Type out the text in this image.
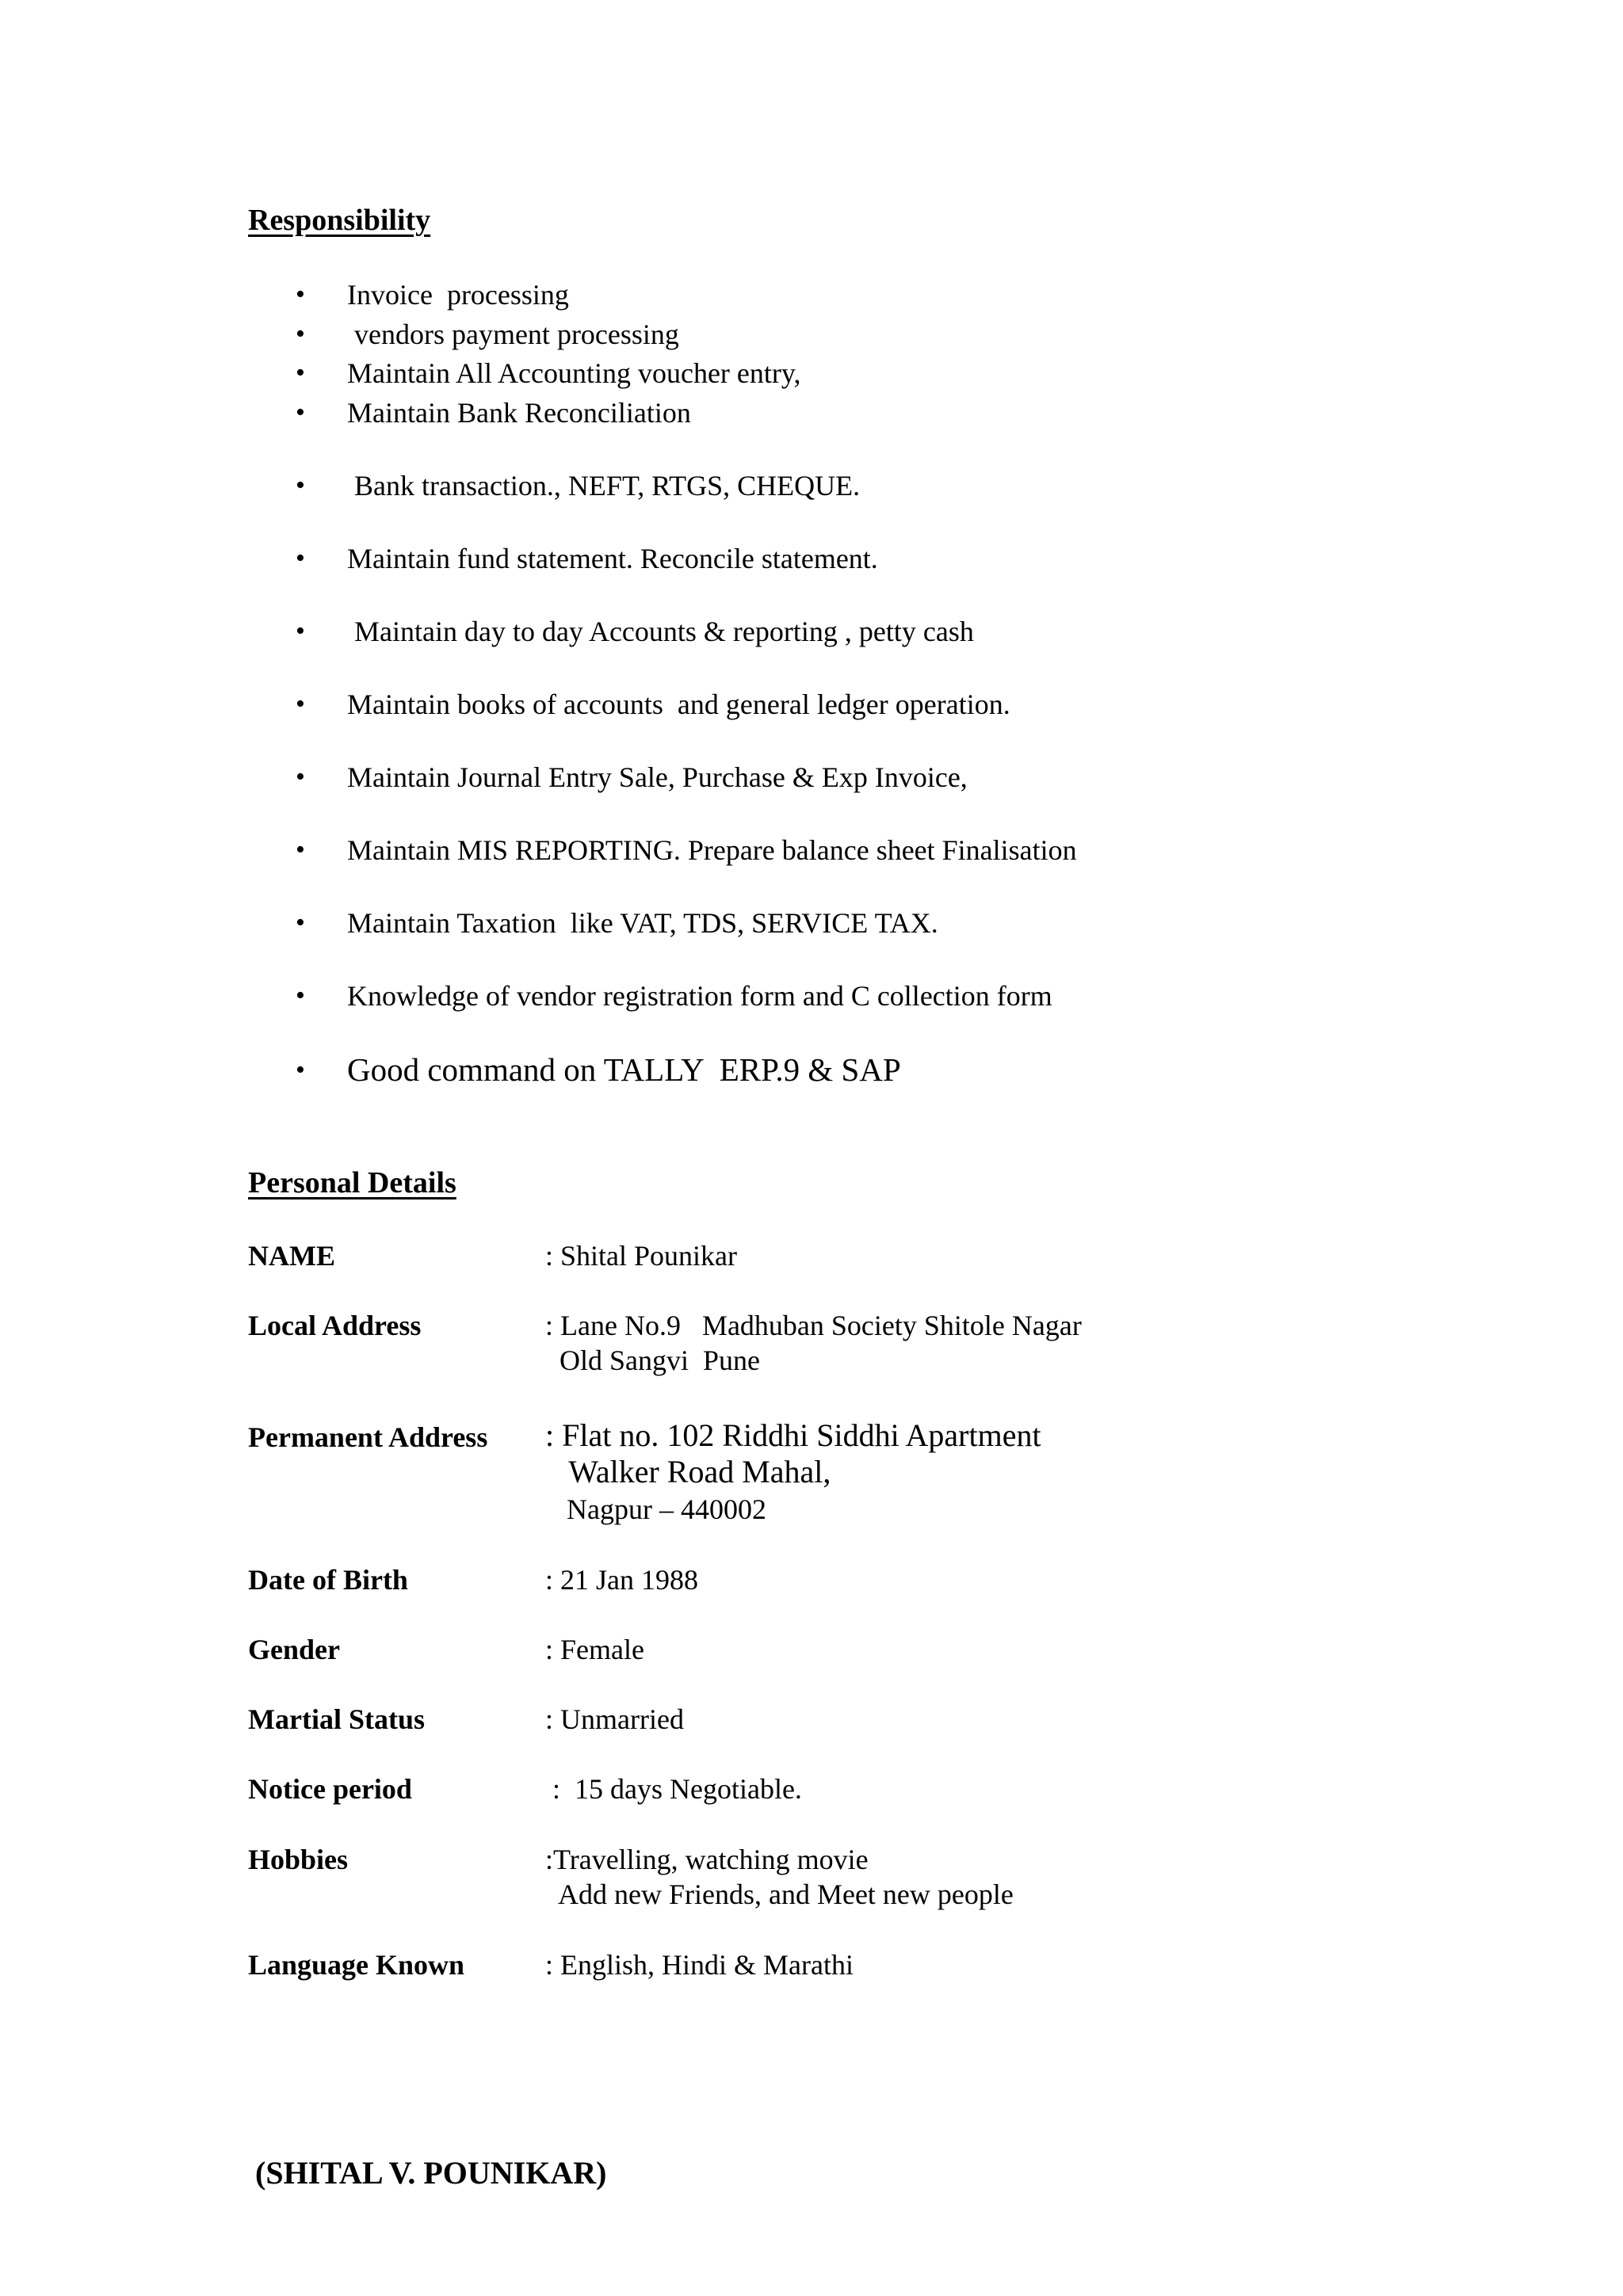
Responsibility
• Invoice  processing
• vendors payment processing
• Maintain All Accounting voucher entry,
• Maintain Bank Reconciliation
• Bank transaction., NEFT, RTGS, CHEQUE.
• Maintain fund statement. Reconcile statement.
• Maintain day to day Accounts & reporting , petty cash
• Maintain books of accounts  and general ledger operation.
• Maintain Journal Entry Sale, Purchase & Exp Invoice,
• Maintain MIS REPORTING. Prepare balance sheet Finalisation
• Maintain Taxation  like VAT, TDS, SERVICE TAX.
• Knowledge of vendor registration form and C collection form
• Good command on TALLY  ERP.9 & SAP
Personal Details
NAME	: Shital Pounikar
Local Address	: Lane No.9   Madhuban Society Shitole Nagar
Old Sangvi  Pune
Permanent Address : Flat no. 102 Riddhi Siddhi Apartment
Walker Road Mahal,
Nagpur – 440002
Date of Birth	: 21 Jan 1988
Gender	: Female
Martial Status	: Unmarried
Notice period	:  15 days Negotiable.
Hobbies	:Travelling, watching movie
Add new Friends, and Meet new people
Language Known	: English, Hindi & Marathi
(SHITAL V. POUNIKAR)
